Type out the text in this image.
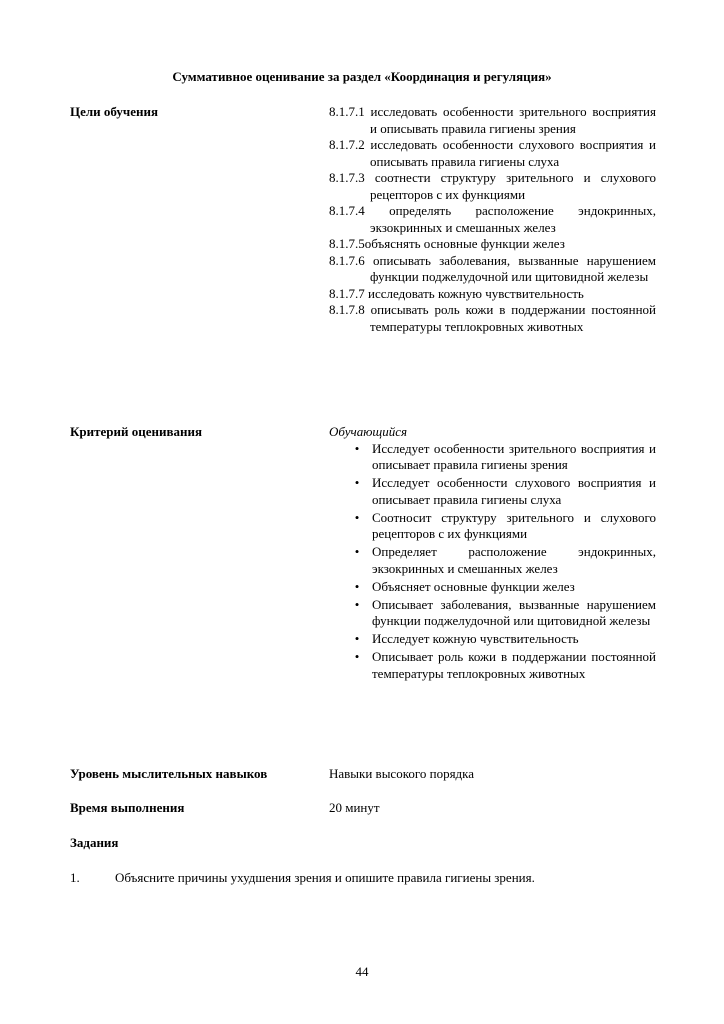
Суммативное оценивание за раздел «Координация и регуляция»
Цели обучения	8.1.7.1 исследовать особенности зрительного восприятия и описывать правила гигиены зрения
8.1.7.2 исследовать особенности слухового восприятия и описывать правила гигиены слуха
8.1.7.3 соотнести структуру зрительного и слухового рецепторов с их функциями
8.1.7.4 определять расположение эндокринных, экзокринных и смешанных желез
8.1.7.5объяснять основные функции желез
8.1.7.6 описывать заболевания, вызванные нарушением функции поджелудочной или щитовидной железы
8.1.7.7 исследовать кожную чувствительность
8.1.7.8 описывать роль кожи в поддержании постоянной температуры теплокровных животных
Критерий оценивания	Обучающийся
• Исследует особенности зрительного восприятия и описывает правила гигиены зрения
• Исследует особенности слухового восприятия и описывает правила гигиены слуха
• Соотносит структуру зрительного и слухового рецепторов с их функциями
• Определяет расположение эндокринных, экзокринных и смешанных желез
• Объясняет основные функции желез
• Описывает заболевания, вызванные нарушением функции поджелудочной или щитовидной железы
• Исследует кожную чувствительность
• Описывает роль кожи в поддержании постоянной температуры теплокровных животных
Уровень мыслительных навыков	Навыки высокого порядка
Время выполнения	20 минут
Задания
1.	Объясните причины ухудшения зрения и опишите правила гигиены зрения.
44
